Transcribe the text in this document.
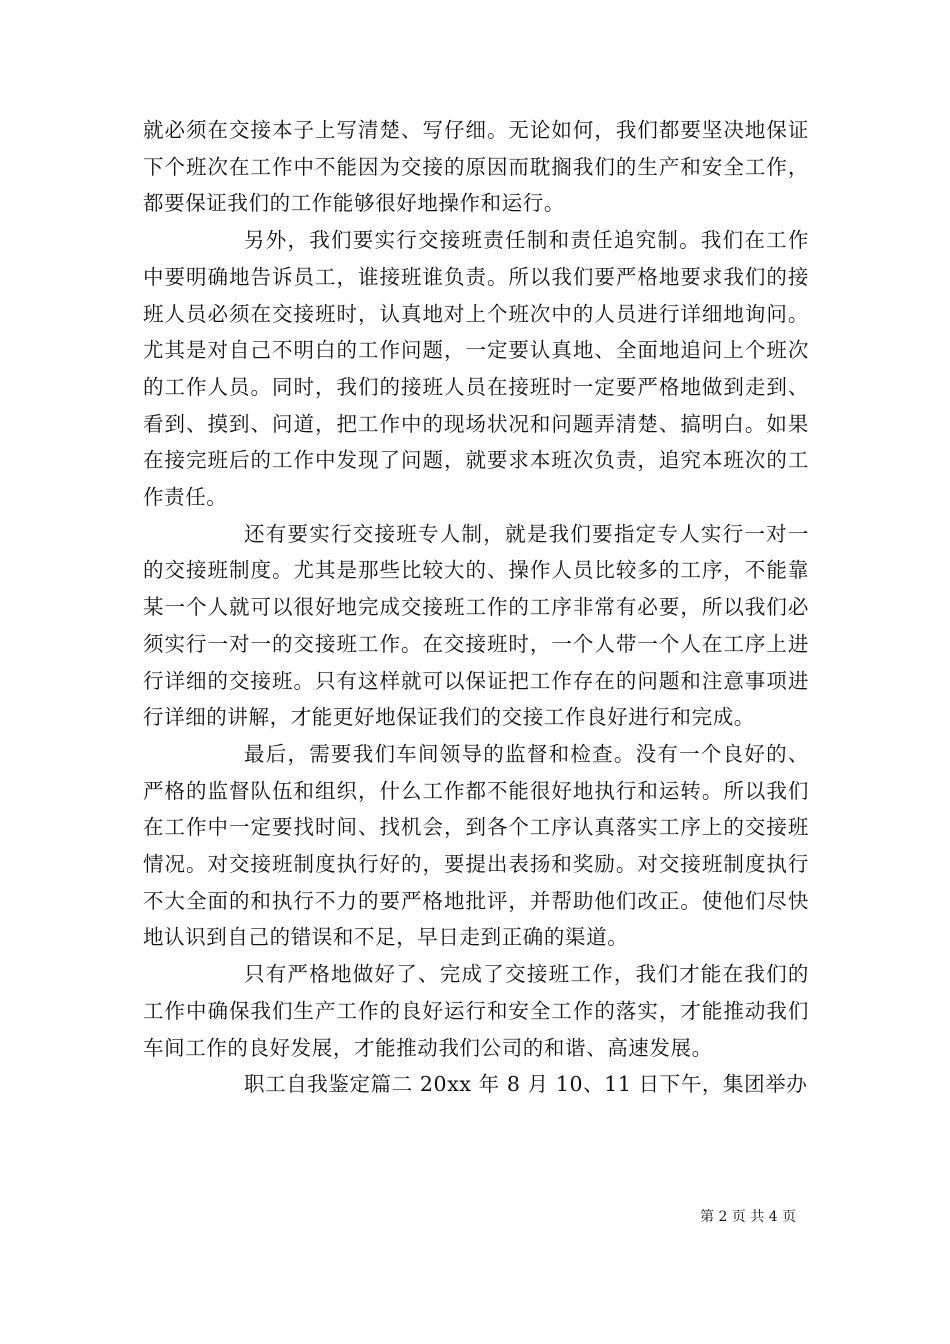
就必须在交接本子上写清楚、写仔细。无论如何，我们都要坚决地保证下个班次在工作中不能因为交接的原因而耽搁我们的生产和安全工作，都要保证我们的工作能够很好地操作和运行。

另外，我们要实行交接班责任制和责任追究制。我们在工作中要明确地告诉员工，谁接班谁负责。所以我们要严格地要求我们的接班人员必须在交接班时，认真地对上个班次中的人员进行详细地询问。尤其是对自己不明白的工作问题，一定要认真地、全面地追问上个班次的工作人员。同时，我们的接班人员在接班时一定要严格地做到走到、看到、摸到、问道，把工作中的现场状况和问题弄清楚、搞明白。如果在接完班后的工作中发现了问题，就要求本班次负责，追究本班次的工作责任。

还有要实行交接班专人制，就是我们要指定专人实行一对一的交接班制度。尤其是那些比较大的、操作人员比较多的工序，不能靠某一个人就可以很好地完成交接班工作的工序非常有必要，所以我们必须实行一对一的交接班工作。在交接班时，一个人带一个人在工序上进行详细的交接班。只有这样就可以保证把工作存在的问题和注意事项进行详细的讲解，才能更好地保证我们的交接工作良好进行和完成。

最后，需要我们车间领导的监督和检查。没有一个良好的、严格的监督队伍和组织，什么工作都不能很好地执行和运转。所以我们在工作中一定要找时间、找机会，到各个工序认真落实工序上的交接班情况。对交接班制度执行好的，要提出表扬和奖励。对交接班制度执行不大全面的和执行不力的要严格地批评，并帮助他们改正。使他们尽快地认识到自己的错误和不足，早日走到正确的渠道。

只有严格地做好了、完成了交接班工作，我们才能在我们的工作中确保我们生产工作的良好运行和安全工作的落实，才能推动我们车间工作的良好发展，才能推动我们公司的和谐、高速发展。

职工自我鉴定篇二 20xx 年 8 月 10、11 日下午，集团举办

第 2 页 共 4 页
